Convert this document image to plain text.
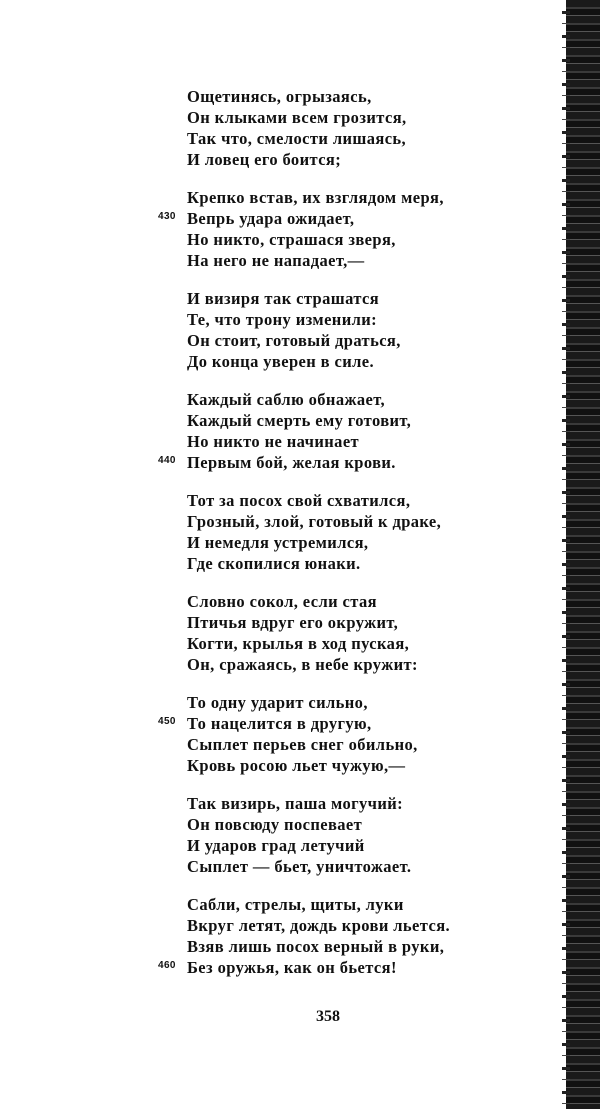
Ощетинясь, огрызаясь,
Он клыками всем грозится,
Так что, смелости лишаясь,
И ловец его боится;
Крепко встав, их взглядом меря,
Вепрь удара ожидает,
430
Но никто, страшася зверя,
На него не нападает,—
И визиря так страшатся
Те, что трону изменили:
Он стоит, готовый драться,
До конца уверен в силе.
Каждый саблю обнажает,
Каждый смерть ему готовит,
Но никто не начинает
Первым бой, желая крови.
440
Тот за посох свой схватился,
Грозный, злой, готовый к драке,
И немедля устремился,
Где скопилися юнаки.
Словно сокол, если стая
Птичья вдруг его окружит,
Когти, крылья в ход пуская,
Он, сражаясь, в небе кружит:
То одну ударит сильно,
То нацелится в другую,
450
Сыплет перьев снег обильно,
Кровь росою льет чужую,—
Так визирь, паша могучий:
Он повсюду поспевает
И ударов град летучий
Сыплет — бьет, уничтожает.
Сабли, стрелы, щиты, луки
Вкруг летят, дождь крови льется.
Взяв лишь посох верный в руки,
Без оружья, как он бьется!
460
358
